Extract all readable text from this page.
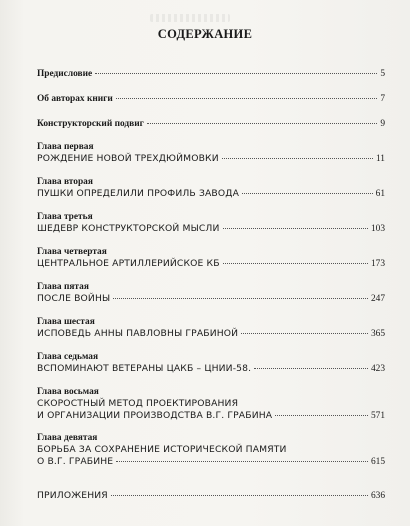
СОДЕРЖАНИЕ
Предисловие	5
Об авторах книги	7
Конструкторский подвиг	9
Глава первая
РОЖДЕНИЕ НОВОЙ ТРЕХДЮЙМОВКИ	11
Глава вторая
ПУШКИ ОПРЕДЕЛИЛИ ПРОФИЛЬ ЗАВОДА	61
Глава третья
ШЕДЕВР КОНСТРУКТОРСКОЙ МЫСЛИ	103
Глава четвертая
ЦЕНТРАЛЬНОЕ АРТИЛЛЕРИЙСКОЕ КБ	173
Глава пятая
ПОСЛЕ ВОЙНЫ	247
Глава шестая
ИСПОВЕДЬ АННЫ ПАВЛОВНЫ ГРАБИНОЙ	365
Глава седьмая
ВСПОМИНАЮТ ВЕТЕРАНЫ ЦАКБ – ЦНИИ-58.	423
Глава восьмая
СКОРОСТНЫЙ МЕТОД ПРОЕКТИРОВАНИЯ
И ОРГАНИЗАЦИИ ПРОИЗВОДСТВА В.Г. ГРАБИНА	571
Глава девятая
БОРЬБА ЗА СОХРАНЕНИЕ ИСТОРИЧЕСКОЙ ПАМЯТИ
О В.Г. ГРАБИНЕ	615
ПРИЛОЖЕНИЯ	636
